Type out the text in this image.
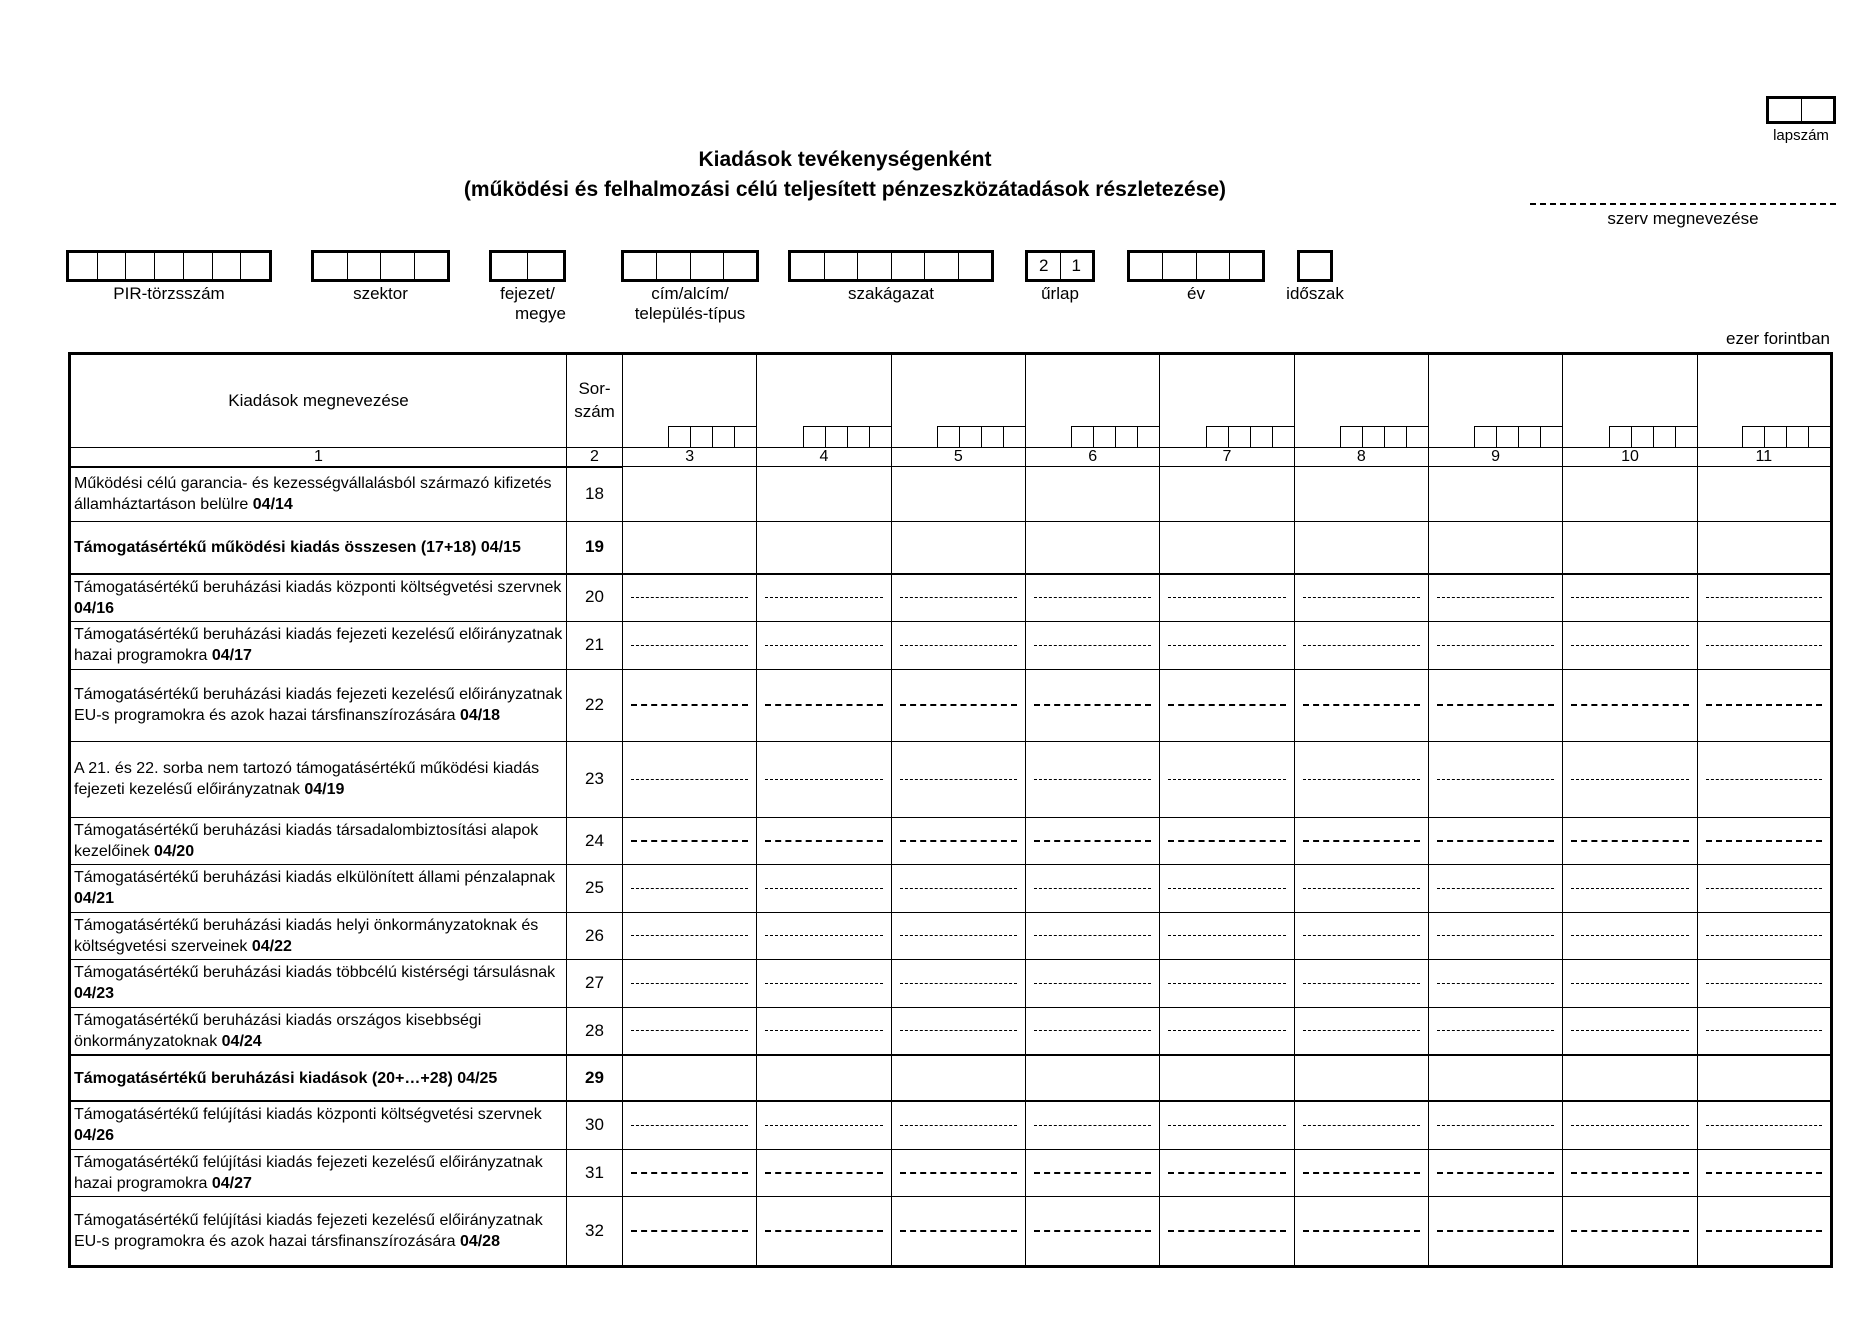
lapszám
Kiadások tevékenységenként
(működési és felhalmozási célú teljesített pénzeszközátadások részletezése)
szerv megnevezése
PIR-törzsszám	szektor	fejezet/
megye
cím/alcím/
település-típus
szakágazat
2	1
űrlap	év	időszak
ezer forintban
Kiadások megnevezése	Sor-
szám									

1	2	3	4	5	6	7	8	9	10	11
Működési célú garancia- és kezességvállalásból származó kifizetés államháztartáson belülre 04/14	18									
Támogatásértékű működési kiadás összesen (17+18) 04/15	19									
Támogatásértékű beruházási kiadás központi költségvetési szervnek 04/16	20	

Támogatásértékű beruházási kiadás fejezeti kezelésű előirányzatnak hazai programokra 04/17	21	

Támogatásértékű beruházási kiadás fejezeti kezelésű előirányzatnak EU-s programokra és azok hazai társfinanszírozására 04/18	22	

A 21. és 22. sorba nem tartozó támogatásértékű működési kiadás fejezeti kezelésű előirányzatnak 04/19	23	

Támogatásértékű beruházási kiadás társadalombiztosítási alapok kezelőinek 04/20	24	

Támogatásértékű beruházási kiadás elkülönített állami pénzalapnak 04/21	25	

Támogatásértékű beruházási kiadás helyi önkormányzatoknak és költségvetési szerveinek 04/22	26	

Támogatásértékű beruházási kiadás többcélú kistérségi társulásnak 04/23	27	

Támogatásértékű beruházási kiadás országos kisebbségi önkormányzatoknak 04/24	28	

Támogatásértékű beruházási kiadások (20+…+28) 04/25	29									
Támogatásértékű felújítási kiadás központi költségvetési szervnek 04/26	30	

Támogatásértékű felújítási kiadás fejezeti kezelésű előirányzatnak hazai programokra 04/27	31	

Támogatásértékű felújítási kiadás fejezeti kezelésű előirányzatnak EU-s programokra és azok hazai társfinanszírozására 04/28	32	
